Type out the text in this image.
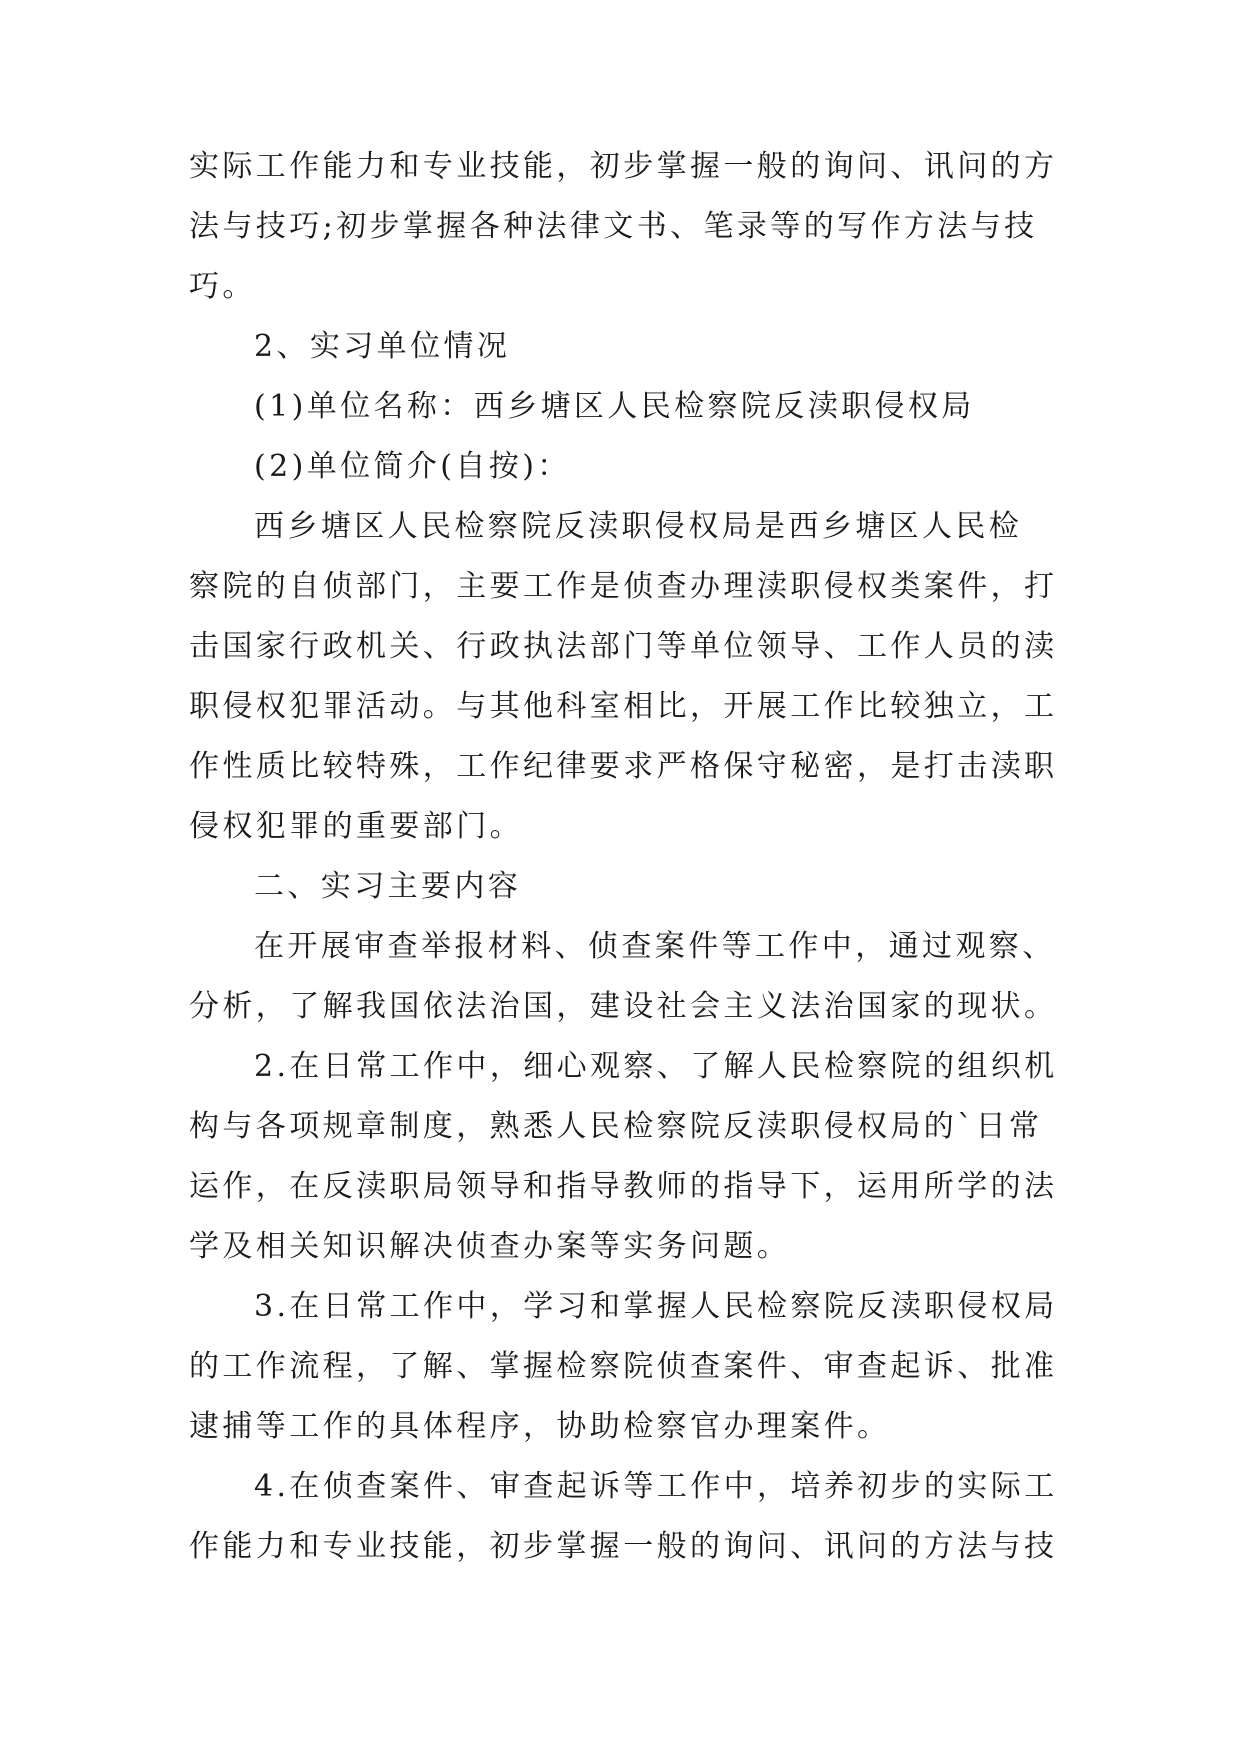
实际工作能力和专业技能，初步掌握一般的询问、讯问的方

法与技巧;初步掌握各种法律文书、笔录等的写作方法与技

巧。

2、实习单位情况

(1)单位名称：西乡塘区人民检察院反渎职侵权局

(2)单位简介(自按)：

西乡塘区人民检察院反渎职侵权局是西乡塘区人民检

察院的自侦部门，主要工作是侦查办理渎职侵权类案件，打

击国家行政机关、行政执法部门等单位领导、工作人员的渎

职侵权犯罪活动。与其他科室相比，开展工作比较独立，工

作性质比较特殊，工作纪律要求严格保守秘密，是打击渎职

侵权犯罪的重要部门。

二、实习主要内容

在开展审查举报材料、侦查案件等工作中，通过观察、

分析，了解我国依法治国，建设社会主义法治国家的现状。

2.在日常工作中，细心观察、了解人民检察院的组织机

构与各项规章制度，熟悉人民检察院反渎职侵权局的`日常

运作，在反渎职局领导和指导教师的指导下，运用所学的法

学及相关知识解决侦查办案等实务问题。

3.在日常工作中，学习和掌握人民检察院反渎职侵权局

的工作流程，了解、掌握检察院侦查案件、审查起诉、批准

逮捕等工作的具体程序，协助检察官办理案件。

4.在侦查案件、审查起诉等工作中，培养初步的实际工

作能力和专业技能，初步掌握一般的询问、讯问的方法与技
